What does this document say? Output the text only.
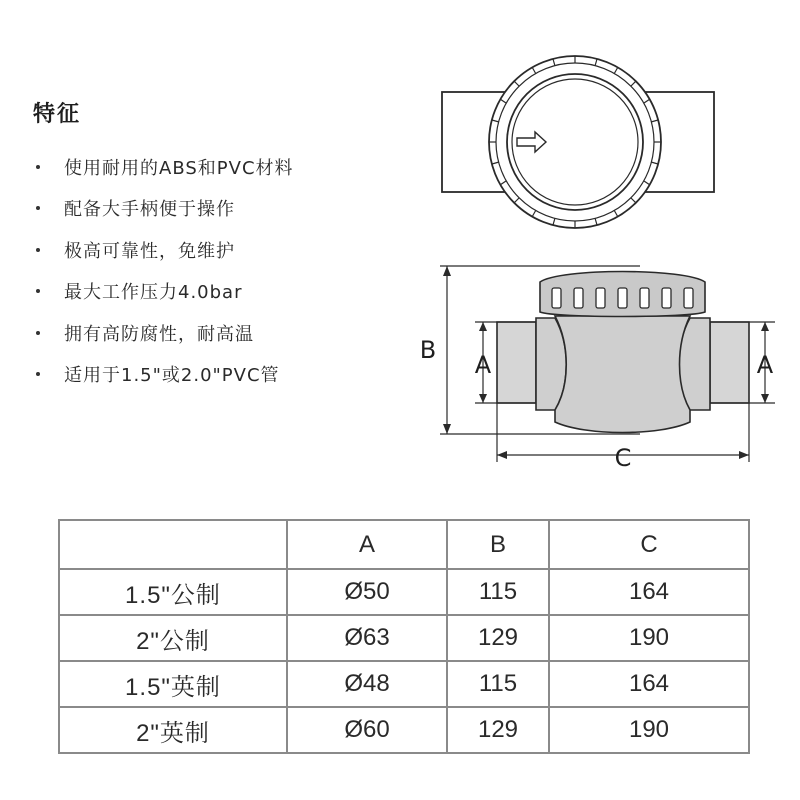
特征
使用耐用的ABS和PVC材料
配备大手柄便于操作
极高可靠性，免维护
最大工作压力4.0bar
拥有高防腐性，耐高温
适用于1.5"或2.0"PVC管
B
A	A
C
	A	B	C
1.5"公制	Ø50	115	164
2"公制	Ø63	129	190
1.5"英制	Ø48	115	164
2"英制	Ø60	129	190
